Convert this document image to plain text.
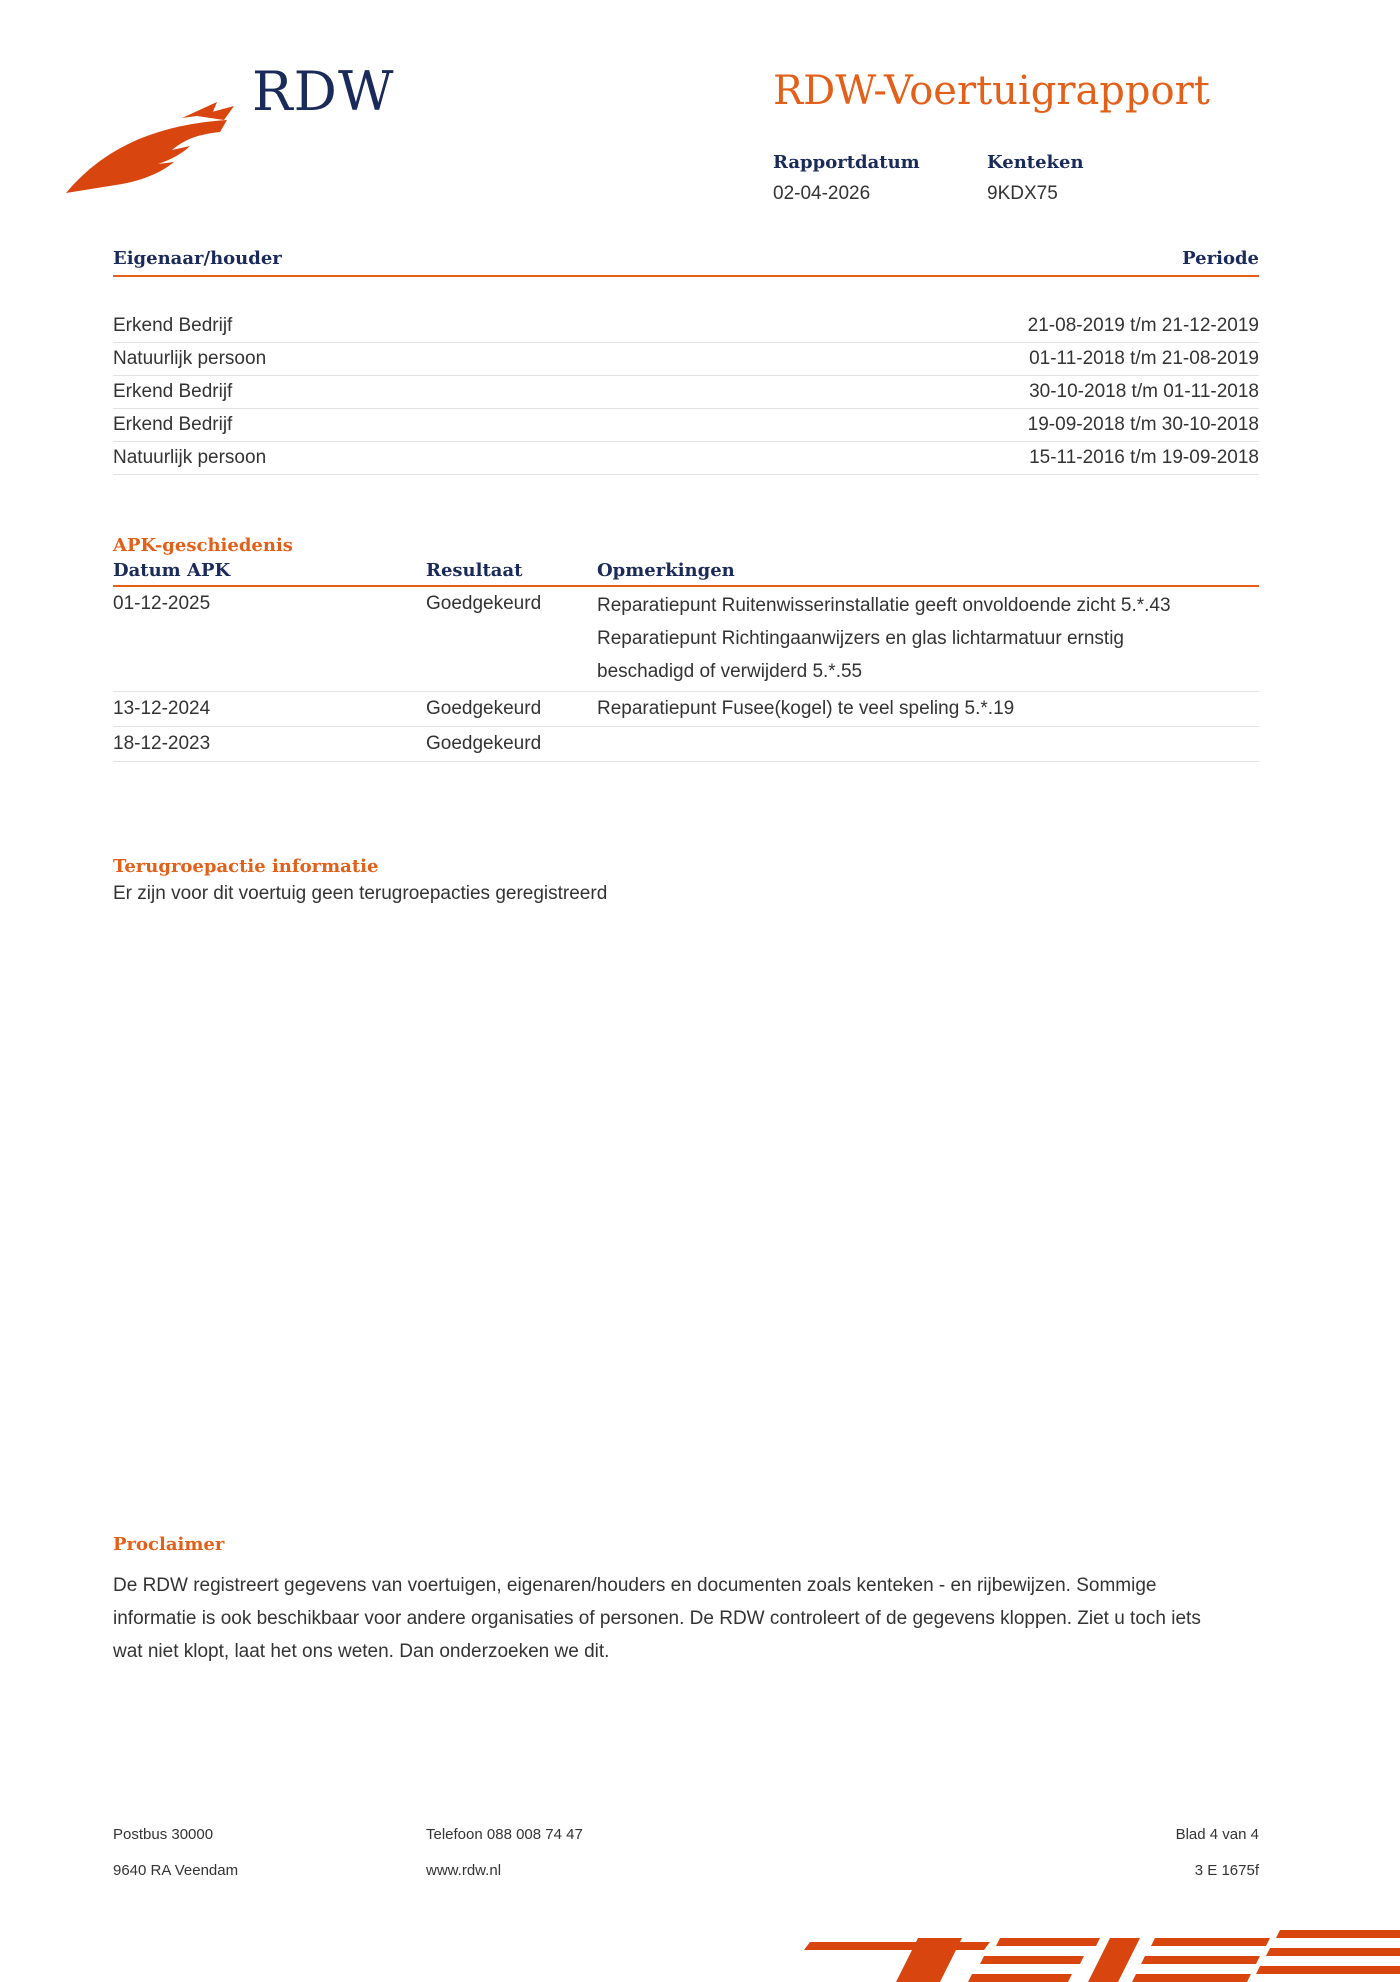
RDW	RDW-Voertuigrapport
Rapportdatum
02-04-2026
Kenteken
9KDX75
Eigenaar/houder	Periode
Erkend Bedrijf	21-08-2019 t/m 21-12-2019
Natuurlijk persoon	01-11-2018 t/m 21-08-2019
Erkend Bedrijf	30-10-2018 t/m 01-11-2018
Erkend Bedrijf	19-09-2018 t/m 30-10-2018
Natuurlijk persoon	15-11-2016 t/m 19-09-2018
APK-geschiedenis
Datum APK	Resultaat	Opmerkingen
01-12-2025	Goedgekeurd	Reparatiepunt Ruitenwisserinstallatie geeft onvoldoende zicht 5.*.43
Reparatiepunt Richtingaanwijzers en glas lichtarmatuur ernstig beschadigd of verwijderd 5.*.55
13-12-2024	Goedgekeurd	Reparatiepunt Fusee(kogel) te veel speling 5.*.19
18-12-2023	Goedgekeurd
Terugroepactie informatie
Er zijn voor dit voertuig geen terugroepacties geregistreerd
Proclaimer
De RDW registreert gegevens van voertuigen, eigenaren/houders en documenten zoals kenteken - en rijbewijzen. Sommige informatie is ook beschikbaar voor andere organisaties of personen. De RDW controleert of de gegevens kloppen. Ziet u toch iets wat niet klopt, laat het ons weten. Dan onderzoeken we dit.
Postbus 30000
9640 RA Veendam
Telefoon 088 008 74 47
www.rdw.nl
Blad 4 van 4
3 E 1675f
